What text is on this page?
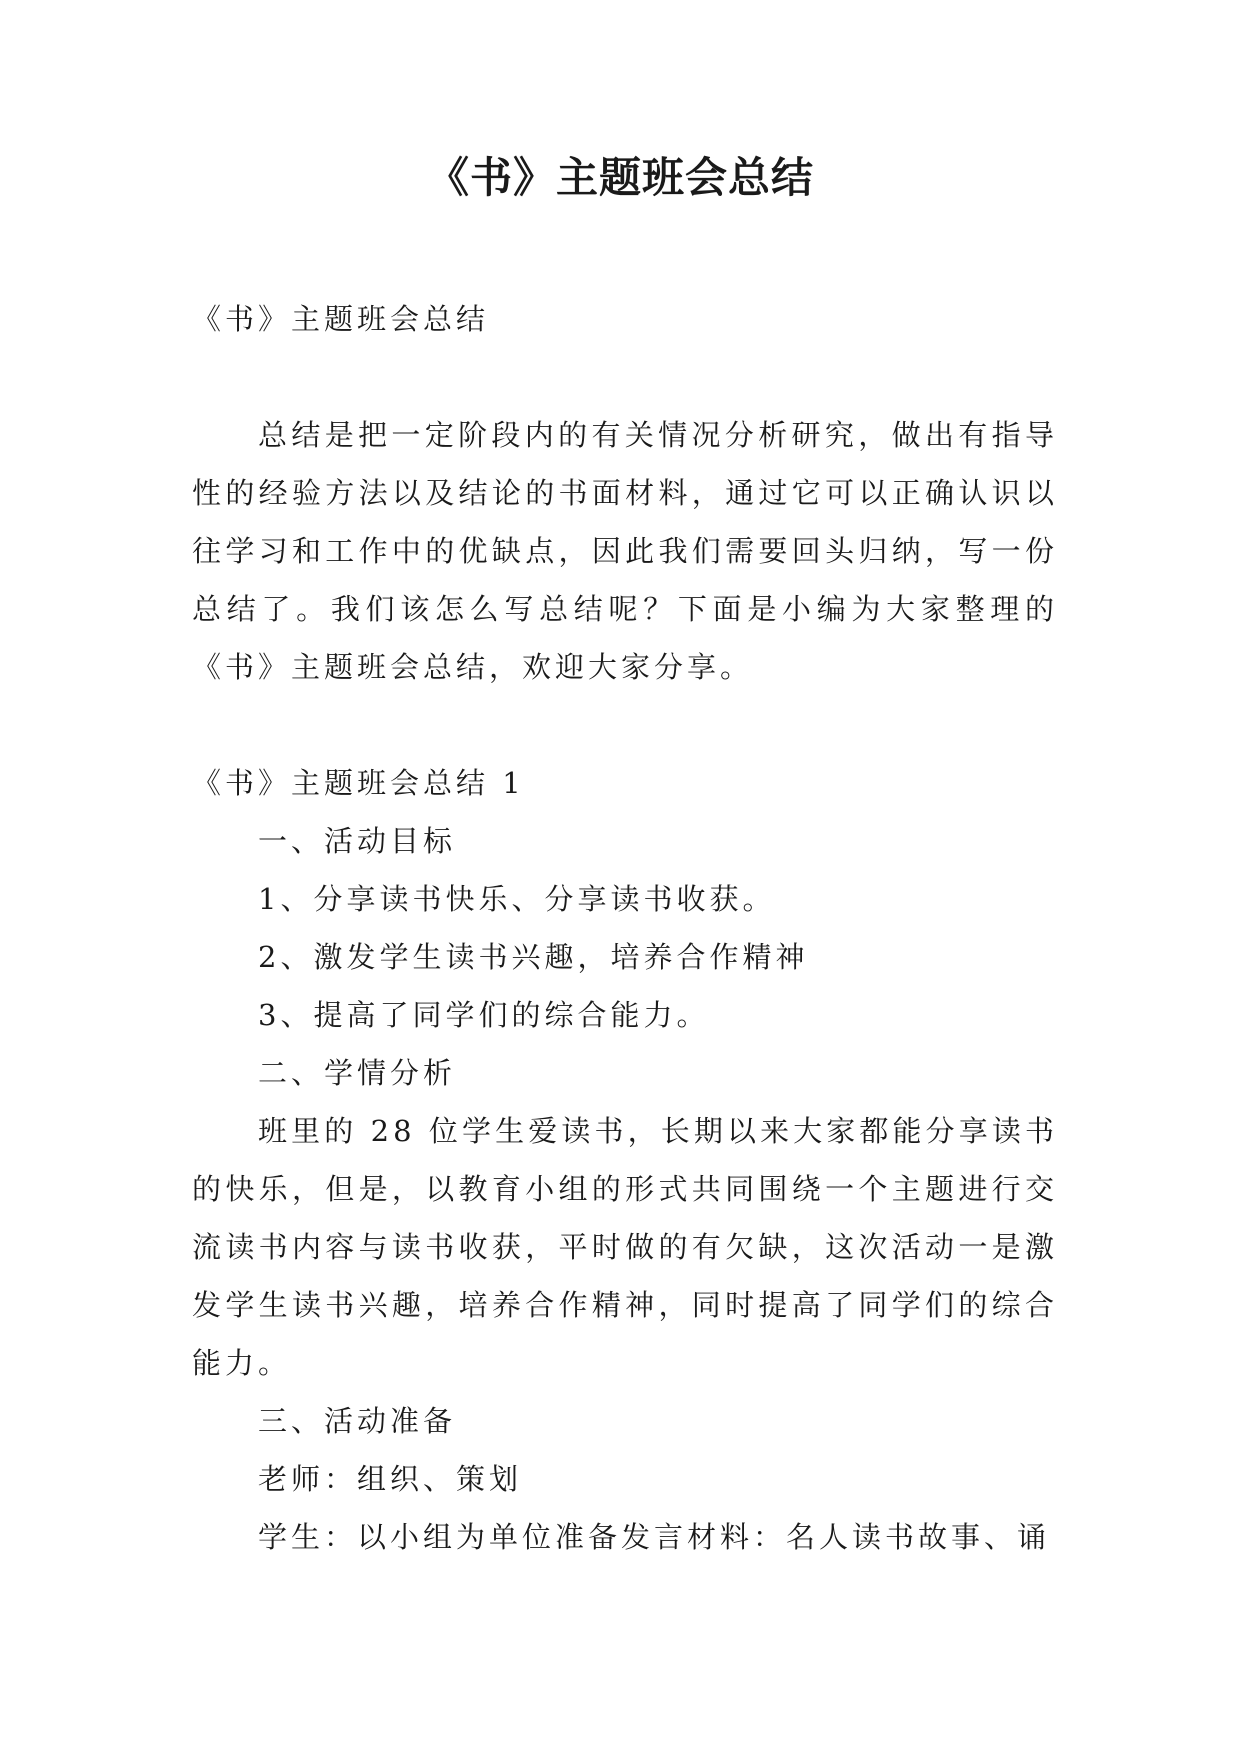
《书》主题班会总结

《书》主题班会总结

总结是把一定阶段内的有关情况分析研究，做出有指导性的经验方法以及结论的书面材料，通过它可以正确认识以往学习和工作中的优缺点，因此我们需要回头归纳，写一份总结了。我们该怎么写总结呢？下面是小编为大家整理的《书》主题班会总结，欢迎大家分享。

《书》主题班会总结 1

一、活动目标

1、分享读书快乐、分享读书收获。

2、激发学生读书兴趣，培养合作精神

3、提高了同学们的综合能力。

二、学情分析

班里的 28 位学生爱读书，长期以来大家都能分享读书的快乐，但是，以教育小组的形式共同围绕一个主题进行交流读书内容与读书收获，平时做的有欠缺，这次活动一是激发学生读书兴趣，培养合作精神，同时提高了同学们的综合能力。

三、活动准备

老师：组织、策划

学生：以小组为单位准备发言材料：名人读书故事、诵
